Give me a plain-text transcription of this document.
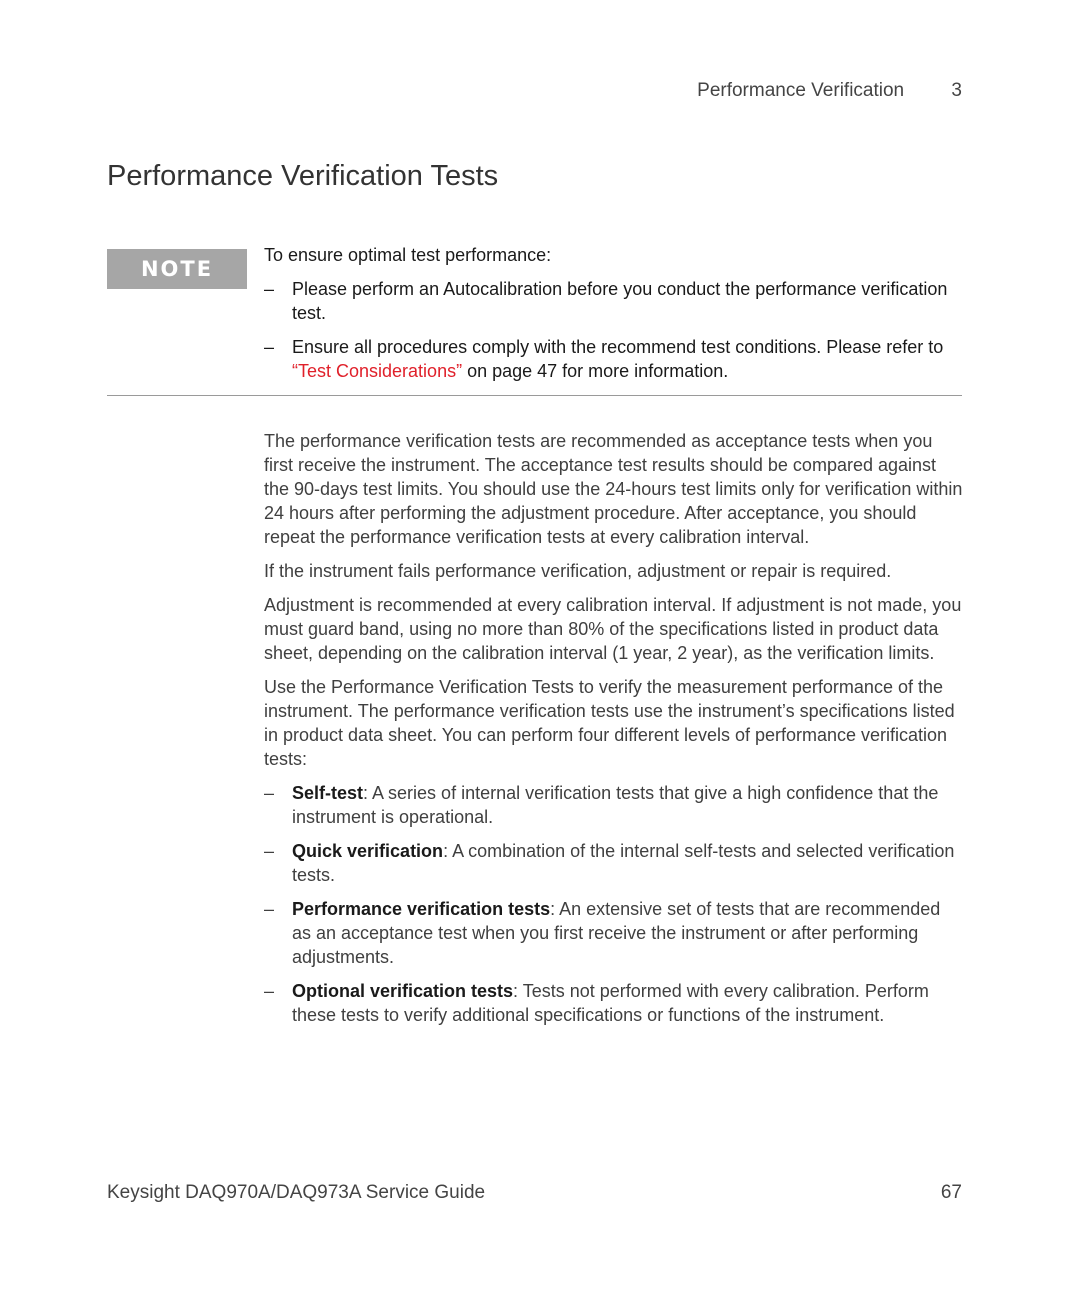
Performance Verification 3
Performance Verification Tests
NOTE

To ensure optimal test performance:

– Please perform an Autocalibration before you conduct the performance verification test.
– Ensure all procedures comply with the recommend test conditions. Please refer to “Test Considerations” on page 47 for more information.

The performance verification tests are recommended as acceptance tests when you first receive the instrument. The acceptance test results should be compared against the 90-days test limits. You should use the 24-hours test limits only for verification within 24 hours after performing the adjustment procedure. After acceptance, you should repeat the performance verification tests at every calibration interval.

If the instrument fails performance verification, adjustment or repair is required.

Adjustment is recommended at every calibration interval. If adjustment is not made, you must guard band, using no more than 80% of the specifications listed in product data sheet, depending on the calibration interval (1 year, 2 year), as the verification limits.

Use the Performance Verification Tests to verify the measurement performance of the instrument. The performance verification tests use the instrument’s specifications listed in product data sheet. You can perform four different levels of performance verification tests:

– Self-test: A series of internal verification tests that give a high confidence that the instrument is operational.
– Quick verification: A combination of the internal self-tests and selected verification tests.
– Performance verification tests: An extensive set of tests that are recommended as an acceptance test when you first receive the instrument or after performing adjustments.
– Optional verification tests: Tests not performed with every calibration. Perform these tests to verify additional specifications or functions of the instrument.
Keysight DAQ970A/DAQ973A Service Guide	67
